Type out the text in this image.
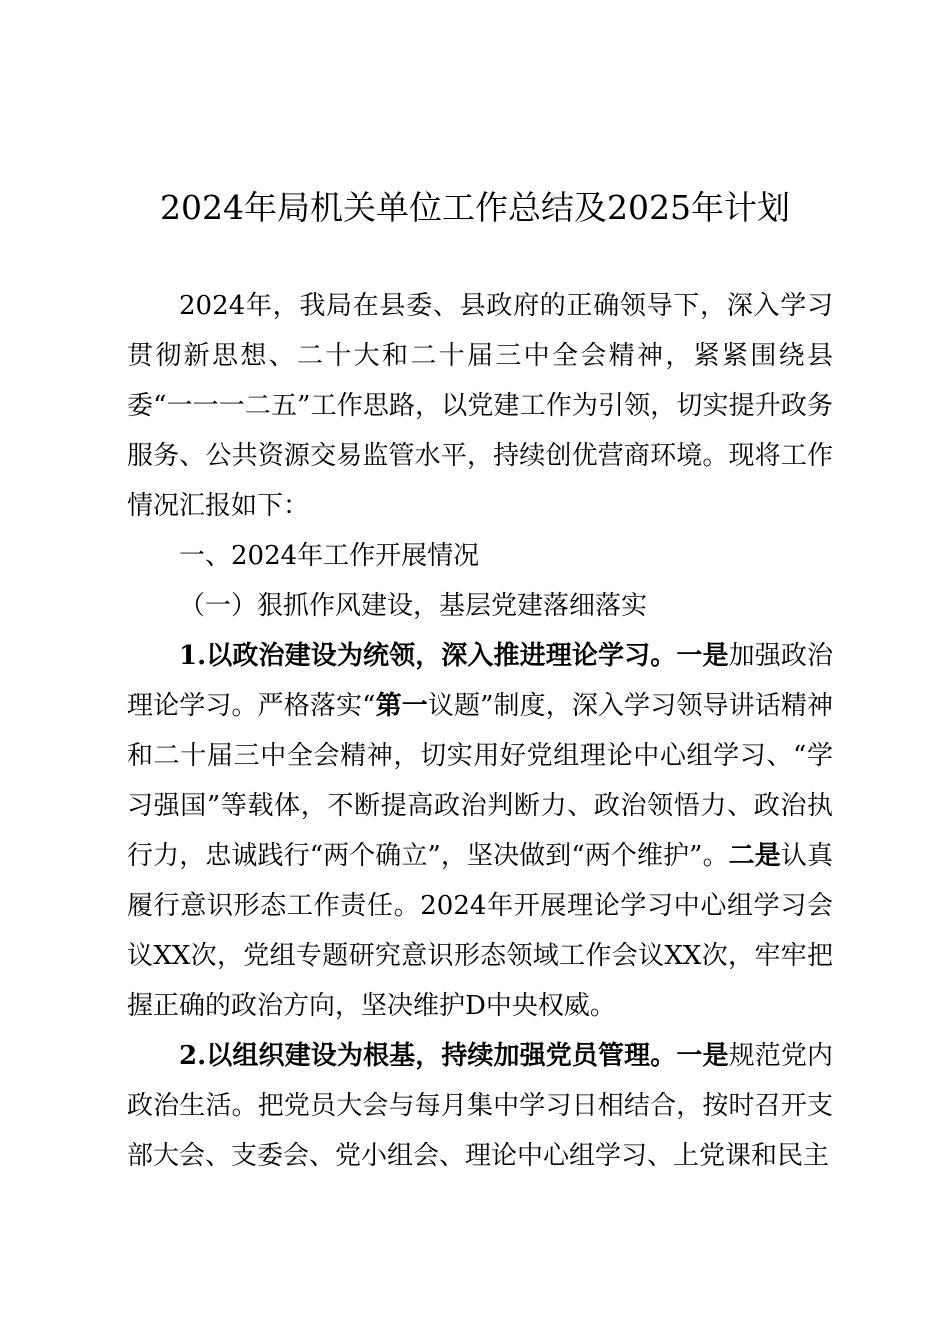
2024年局机关单位工作总结及2025年计划

2024年，我局在县委、县政府的正确领导下，深入学习贯彻新思想、二十大和二十届三中全会精神，紧紧围绕县委“一一一二五”工作思路，以党建工作为引领，切实提升政务服务、公共资源交易监管水平，持续创优营商环境。现将工作情况汇报如下：

一、2024年工作开展情况

（一）狠抓作风建设，基层党建落细落实

1.以政治建设为统领，深入推进理论学习。一是加强政治理论学习。严格落实“第一议题”制度，深入学习领导讲话精神和二十届三中全会精神，切实用好党组理论中心组学习、“学习强国”等载体，不断提高政治判断力、政治领悟力、政治执行力，忠诚践行“两个确立”，坚决做到“两个维护”。二是认真履行意识形态工作责任。2024年开展理论学习中心组学习会议XX次，党组专题研究意识形态领域工作会议XX次，牢牢把握正确的政治方向，坚决维护D中央权威。

2.以组织建设为根基，持续加强党员管理。一是规范党内政治生活。把党员大会与每月集中学习日相结合，按时召开支部大会、支委会、党小组会、理论中心组学习、上党课和民主
